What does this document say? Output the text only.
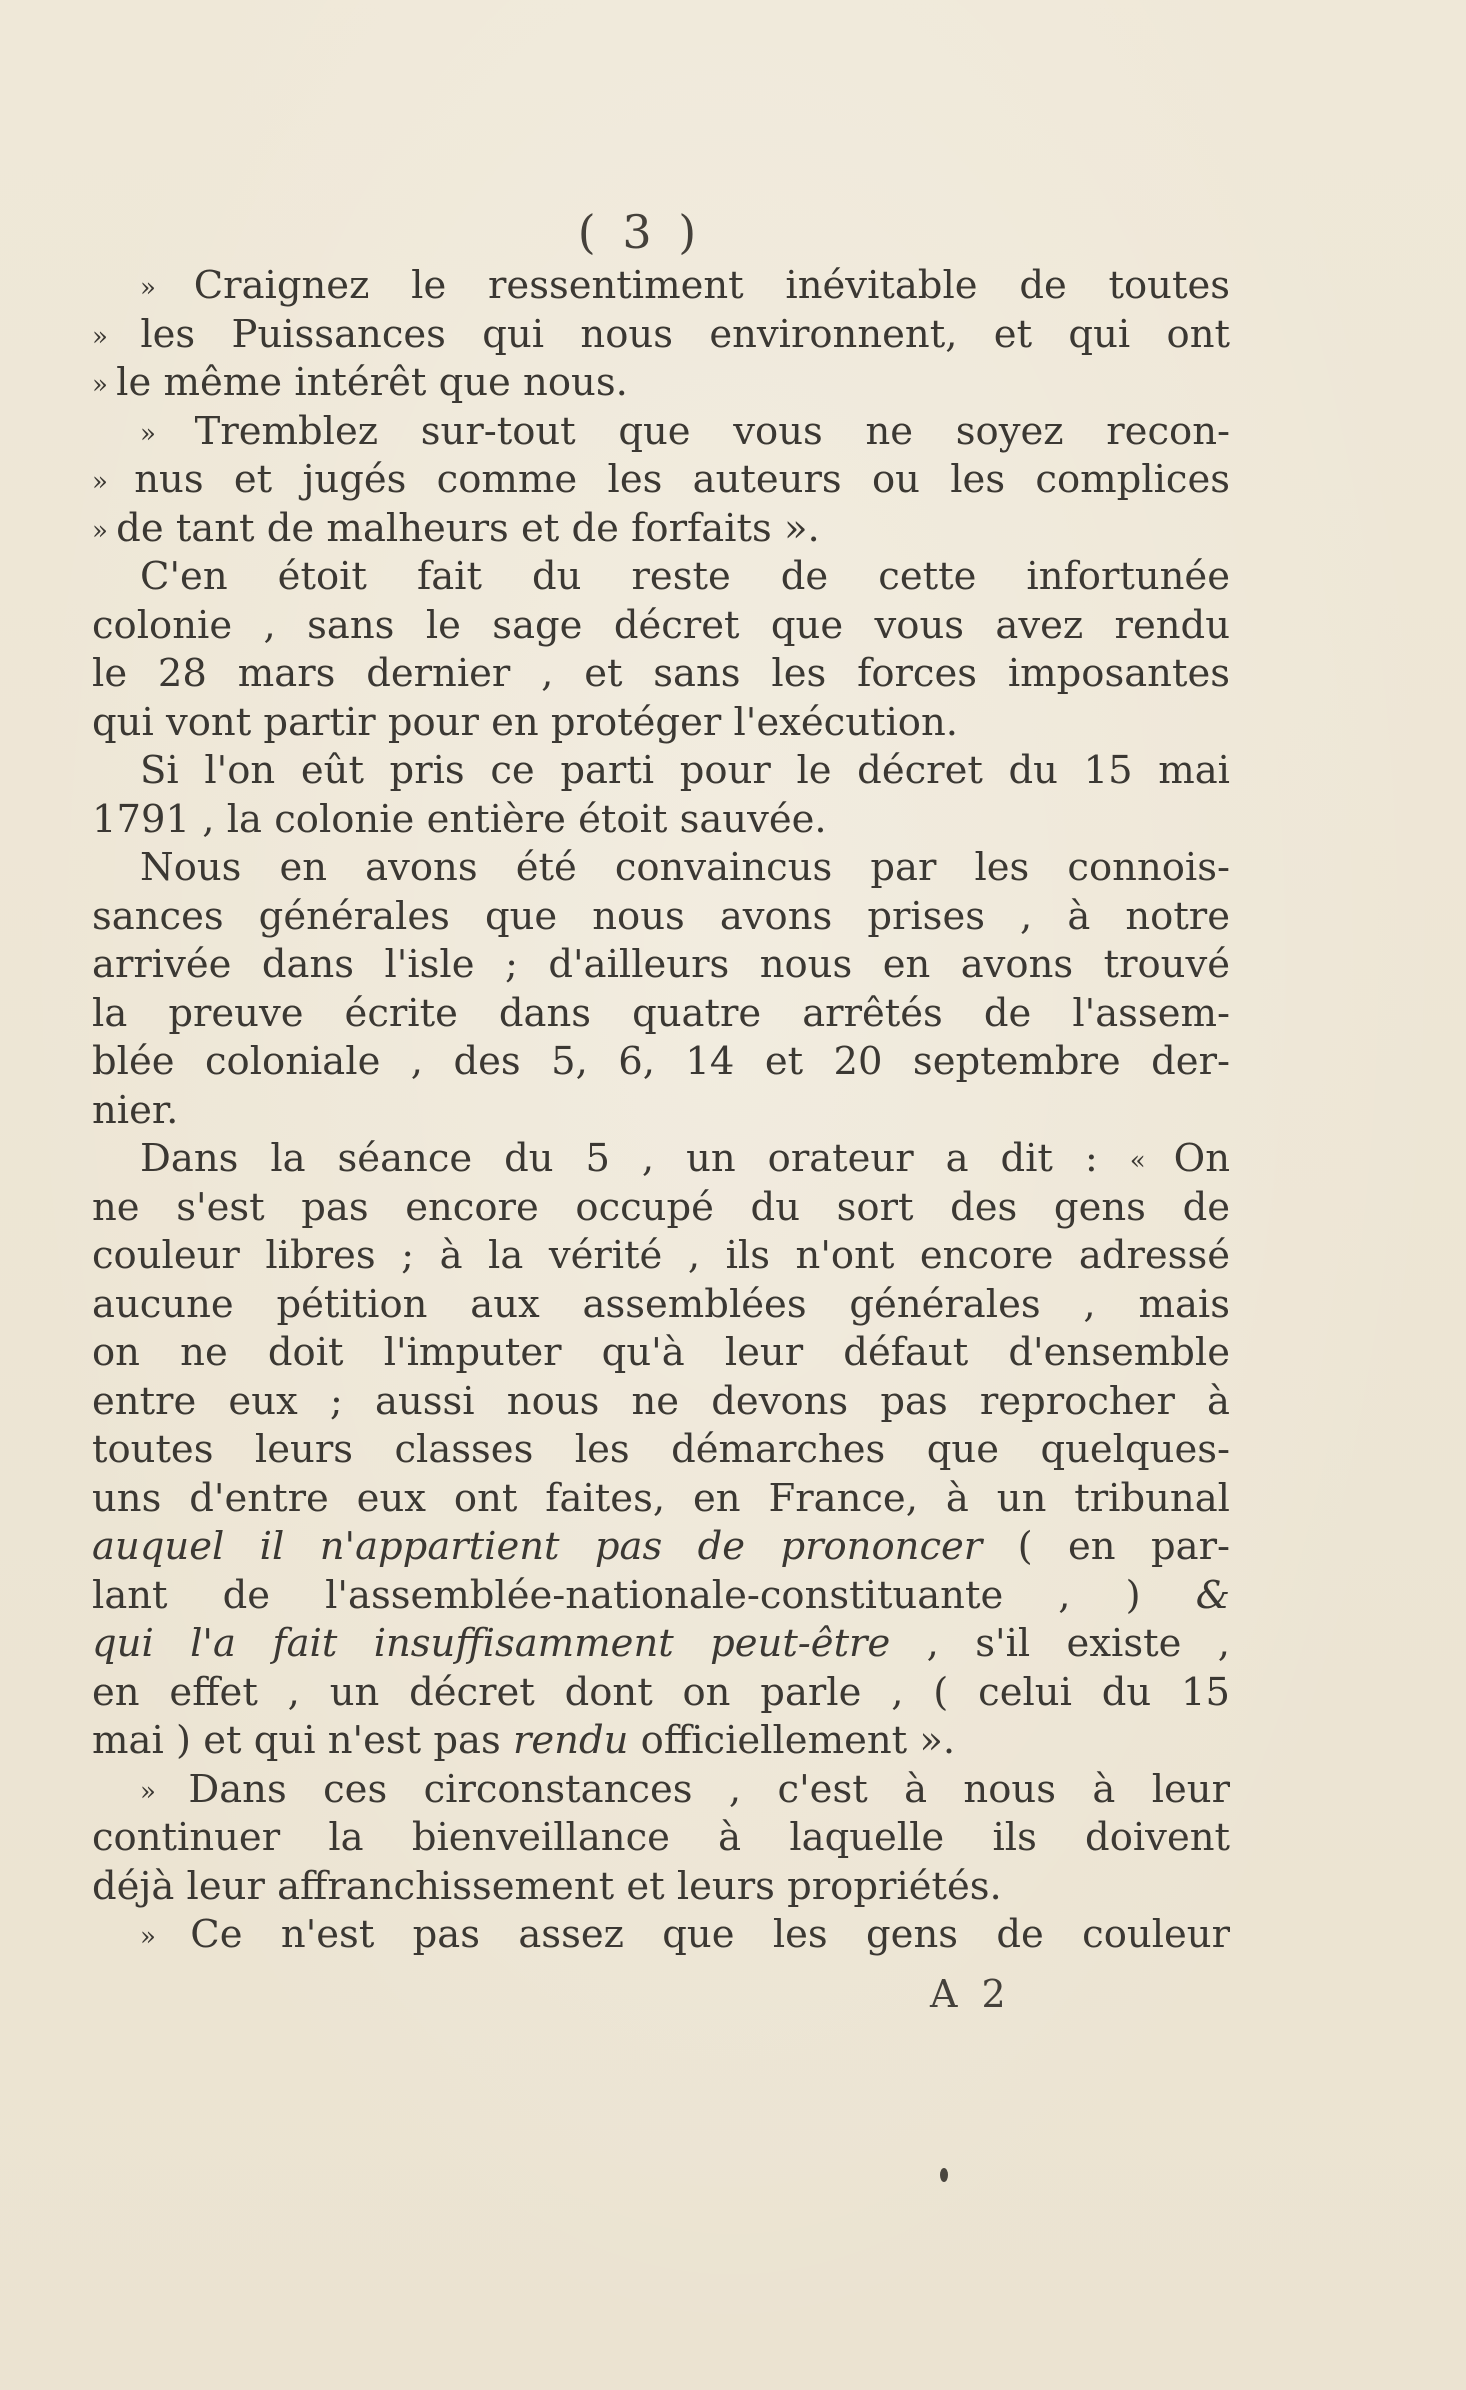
( 3 )
» Craignez le ressentiment inévitable de toutes
» les Puissances qui nous environnent, et qui ont
» le même intérêt que nous.
» Tremblez sur-tout que vous ne soyez recon-
» nus et jugés comme les auteurs ou les complices
» de tant de malheurs et de forfaits ».
C'en étoit fait du reste de cette infortunée
colonie , sans le sage décret que vous avez rendu
le 28 mars dernier , et sans les forces imposantes
qui vont partir pour en protéger l'exécution.
Si l'on eût pris ce parti pour le décret du 15 mai
1791 , la colonie entière étoit sauvée.
Nous en avons été convaincus par les connois-
sances générales que nous avons prises , à notre
arrivée dans l'isle ; d'ailleurs nous en avons trouvé
la preuve écrite dans quatre arrêtés de l'assem-
blée coloniale , des 5, 6, 14 et 20 septembre der-
nier.
Dans la séance du 5 , un orateur a dit : « On
ne s'est pas encore occupé du sort des gens de
couleur libres ; à la vérité , ils n'ont encore adressé
aucune pétition aux assemblées générales , mais
on ne doit l'imputer qu'à leur défaut d'ensemble
entre eux ; aussi nous ne devons pas reprocher à
toutes leurs classes les démarches que quelques-
uns d'entre eux ont faites, en France, à un tribunal
auquel il n'appartient pas de prononcer ( en par-
lant de l'assemblée-nationale-constituante , ) &
qui l'a fait insuffisamment peut-être , s'il existe ,
en effet , un décret dont on parle , ( celui du 15
mai ) et qui n'est pas rendu officiellement ».
» Dans ces circonstances , c'est à nous à leur
continuer la bienveillance à laquelle ils doivent
déjà leur affranchissement et leurs propriétés.
» Ce n'est pas assez que les gens de couleur
A 2
